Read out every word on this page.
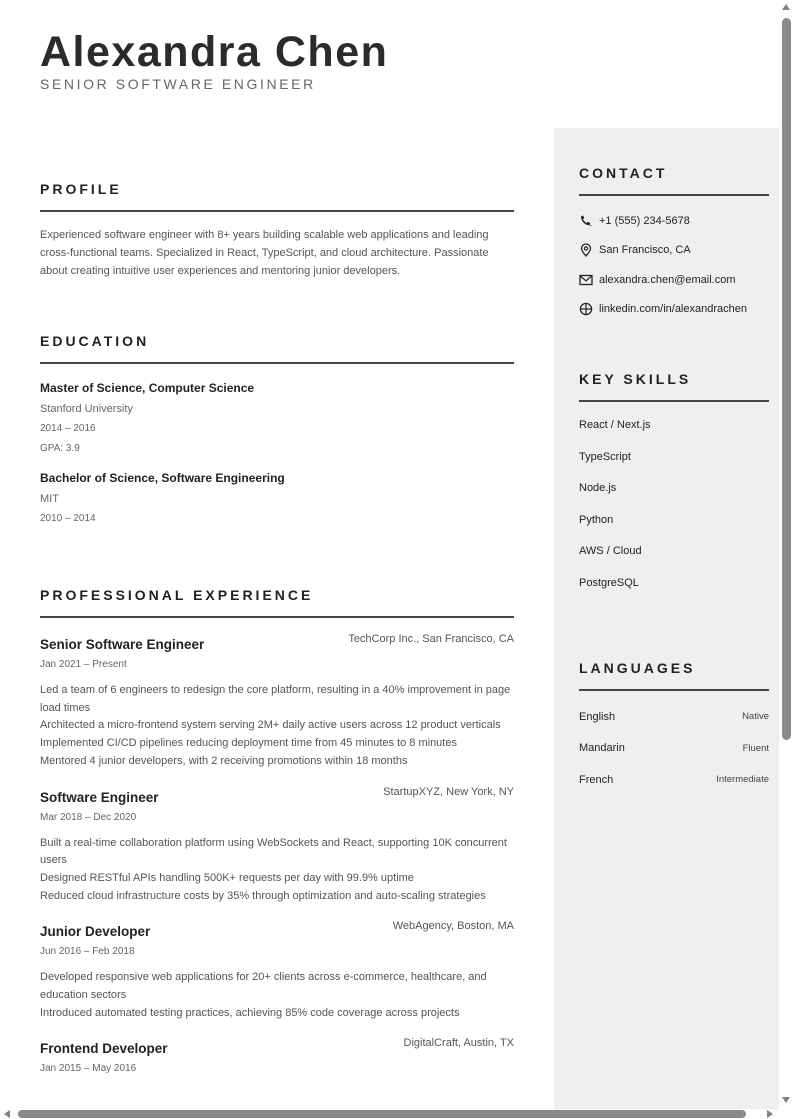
Alexandra Chen
SENIOR SOFTWARE ENGINEER
PROFILE

Experienced software engineer with 8+ years building scalable web applications and leading cross-functional teams. Specialized in React, TypeScript, and cloud architecture. Passionate about creating intuitive user experiences and mentoring junior developers.

EDUCATION
Master of Science, Computer Science
Stanford University
2014 – 2016
GPA: 3.9
Bachelor of Science, Software Engineering
MIT
2010 – 2014
PROFESSIONAL EXPERIENCE
Senior Software Engineer	TechCorp Inc., San Francisco, CA
Jan 2021 – Present
Led a team of 6 engineers to redesign the core platform, resulting in a 40% improvement in page load times
Architected a micro-frontend system serving 2M+ daily active users across 12 product verticals
Implemented CI/CD pipelines reducing deployment time from 45 minutes to 8 minutes
Mentored 4 junior developers, with 2 receiving promotions within 18 months
Software Engineer	StartupXYZ, New York, NY
Mar 2018 – Dec 2020
Built a real-time collaboration platform using WebSockets and React, supporting 10K concurrent users
Designed RESTful APIs handling 500K+ requests per day with 99.9% uptime
Reduced cloud infrastructure costs by 35% through optimization and auto-scaling strategies
Junior Developer	WebAgency, Boston, MA
Jun 2016 – Feb 2018
Developed responsive web applications for 20+ clients across e-commerce, healthcare, and education sectors
Introduced automated testing practices, achieving 85% code coverage across projects
Frontend Developer	DigitalCraft, Austin, TX
Jan 2015 – May 2016
CONTACT
+1 (555) 234-5678
San Francisco, CA
alexandra.chen@email.com
linkedin.com/in/alexandrachen
KEY SKILLS
React / Next.js
TypeScript
Node.js
Python
AWS / Cloud
PostgreSQL
LANGUAGES
English	Native
Mandarin	Fluent
French	Intermediate
